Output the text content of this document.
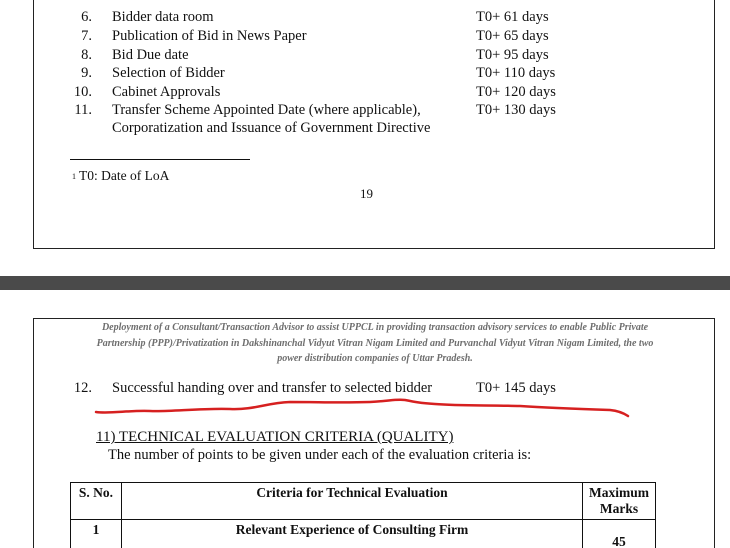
6. Bidder data room	T0+ 61 days
7. Publication of Bid in News Paper	T0+ 65 days
8. Bid Due date	T0+ 95 days
9. Selection of Bidder	T0+ 110 days
10. Cabinet Approvals	T0+ 120 days
11. Transfer Scheme Appointed Date (where applicable),	T0+ 130 days
Corporatization and Issuance of Government Directive
$^1$ T0: Date of LoA
19
Deployment of a Consultant/Transaction Advisor to assist UPPCL in providing transaction advisory services to enable Public Private
Partnership (PPP)/Privatization in Dakshinanchal Vidyut Vitran Nigam Limited and Purvanchal Vidyut Vitran Nigam Limited, the two
power distribution companies of Uttar Pradesh.
12. Successful handing over and transfer to selected bidder	T0+ 145 days
11) TECHNICAL EVALUATION CRITERIA (QUALITY)
The number of points to be given under each of the evaluation criteria is:
S. No.	Criteria for Technical Evaluation	Maximum Marks
1	Relevant Experience of Consulting Firm	45
